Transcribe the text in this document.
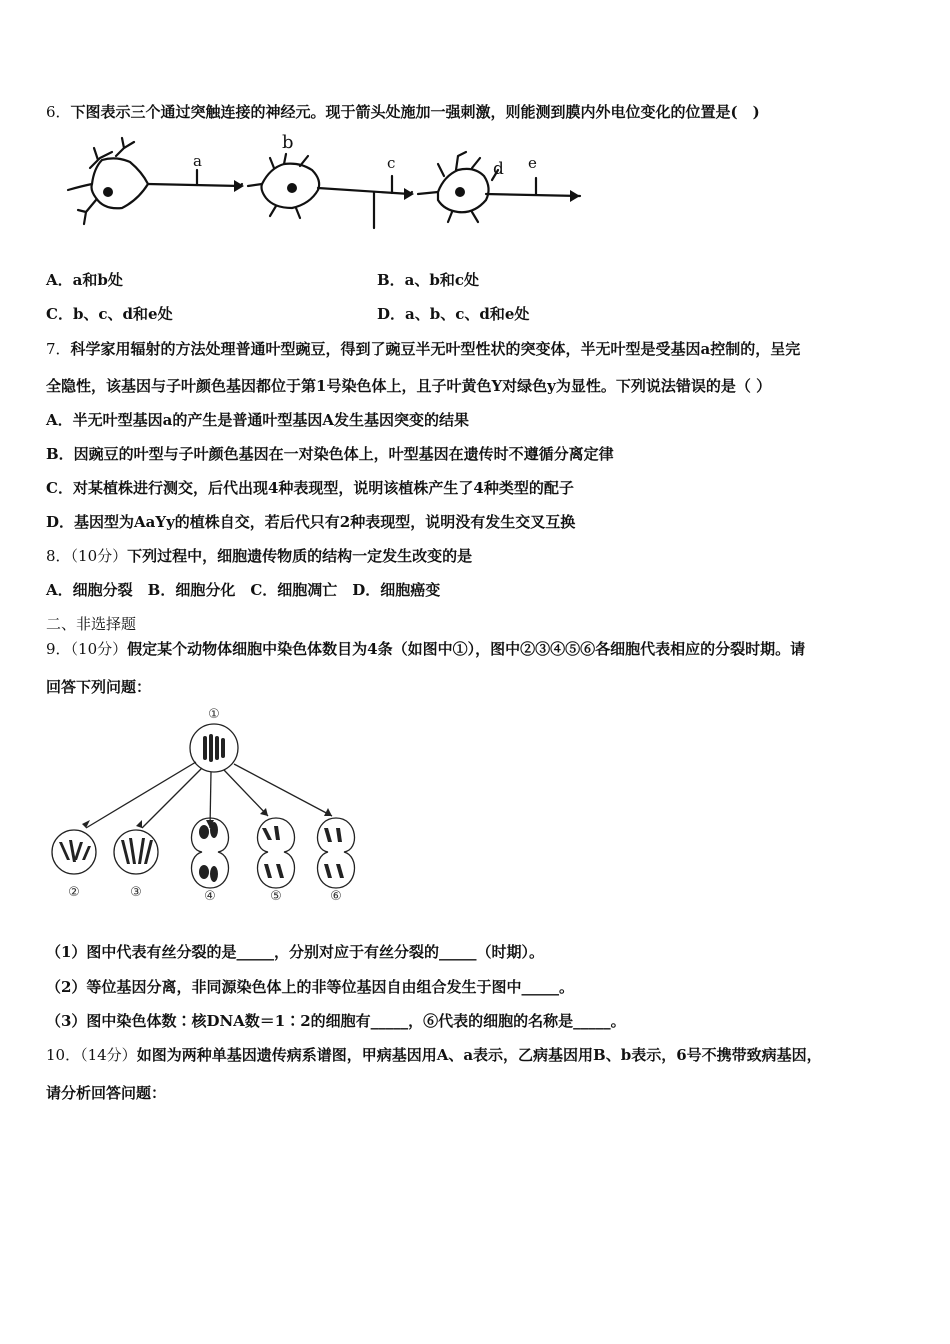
6．下图表示三个通过突触连接的神经元。现于箭头处施加一强刺激，则能测到膜内外电位变化的位置是(　)
a
b
c	d e
A．a和b处	B．a、b和c处
C．b、c、d和e处	D．a、b、c、d和e处
7．科学家用辐射的方法处理普通叶型豌豆，得到了豌豆半无叶型性状的突变体，半无叶型是受基因a控制的，呈完
全隐性，该基因与子叶颜色基因都位于第1号染色体上，且子叶黄色Y对绿色y为显性。下列说法错误的是（ ）
A．半无叶型基因a的产生是普通叶型基因A发生基因突变的结果
B．因豌豆的叶型与子叶颜色基因在一对染色体上，叶型基因在遗传时不遵循分离定律
C．对某植株进行测交，后代出现4种表现型，说明该植株产生了4种类型的配子
D．基因型为AaYy的植株自交，若后代只有2种表现型，说明没有发生交叉互换
8．（10分）下列过程中，细胞遗传物质的结构一定发生改变的是
A．细胞分裂　B．细胞分化　C．细胞凋亡　D．细胞癌变
二、非选择题
9．（10分）假定某个动物体细胞中染色体数目为4条（如图中①），图中②③④⑤⑥各细胞代表相应的分裂时期。请
回答下列问题：
①
②	③	④	⑤	⑥
（1）图中代表有丝分裂的是_____，分别对应于有丝分裂的_____（时期）。
（2）等位基因分离，非同源染色体上的非等位基因自由组合发生于图中_____。
（3）图中染色体数∶核DNA数＝1∶2的细胞有_____，⑥代表的细胞的名称是_____。
10．（14分）如图为两种单基因遗传病系谱图，甲病基因用A、a表示，乙病基因用B、b表示，6号不携带致病基因，
请分析回答问题：
